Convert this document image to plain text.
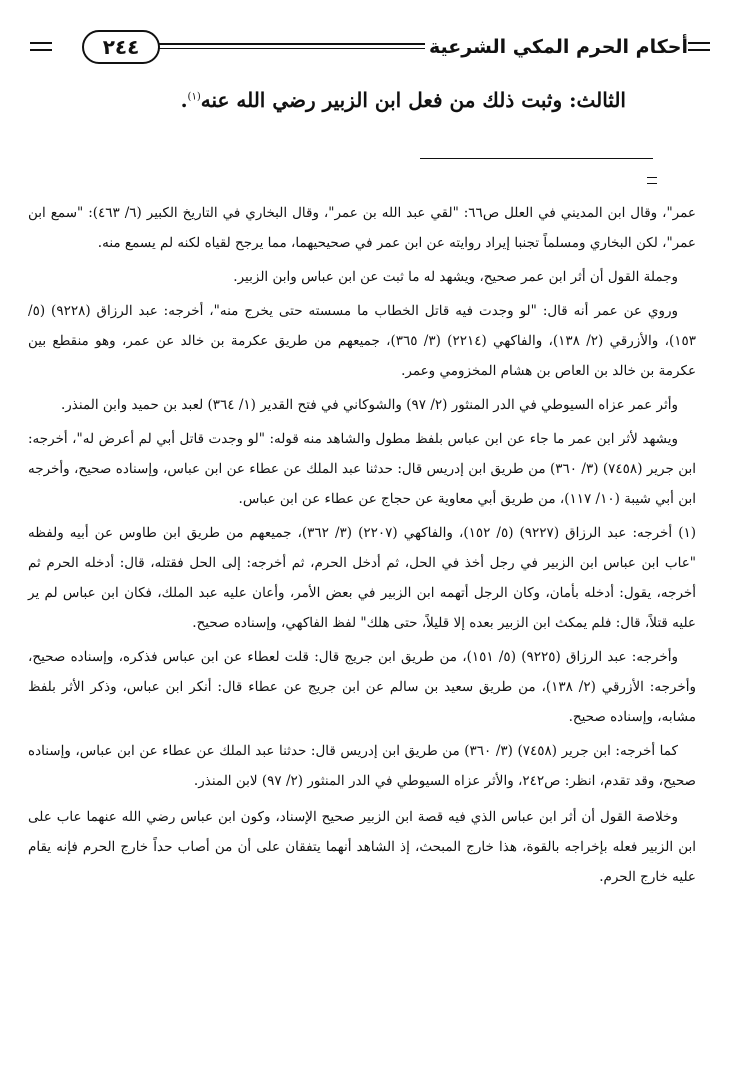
أحكام الحرم المكي الشرعية
٢٤٤
الثالث: وثبت ذلك من فعل ابن الزبير رضي الله عنه$^{(١)}$.

عمر"، وقال ابن المديني في العلل ص٦٦: "لقي عبد الله بن عمر"، وقال البخاري في التاريخ الكبير (٦/ ٤٦٣): "سمع ابن عمر"، لكن البخاري ومسلماً تجنبا إيراد روايته عن ابن عمر في صحيحيهما، مما يرجح لقياه لكنه لم يسمع منه.

وجملة القول أن أثر ابن عمر صحيح، ويشهد له ما ثبت عن ابن عباس وابن الزبير.

وروي عن عمر أنه قال: "لو وجدت فيه قاتل الخطاب ما مسسته حتى يخرج منه"، أخرجه: عبد الرزاق (٩٢٢٨) (٥/ ١٥٣)، والأزرقي (٢/ ١٣٨)، والفاكهي (٢٢١٤) (٣/ ٣٦٥)، جميعهم من طريق عكرمة بن خالد عن عمر، وهو منقطع بين عكرمة بن خالد بن العاص بن هشام المخزومي وعمر.

وأثر عمر عزاه السيوطي في الدر المنثور (٢/ ٩٧) والشوكاني في فتح القدير (١/ ٣٦٤) لعبد بن حميد وابن المنذر.

ويشهد لأثر ابن عمر ما جاء عن ابن عباس بلفظ مطول والشاهد منه قوله: "لو وجدت قاتل أبي لم أعرض له"، أخرجه: ابن جرير (٧٤٥٨) (٣/ ٣٦٠) من طريق ابن إدريس قال: حدثنا عبد الملك عن عطاء عن ابن عباس، وإسناده صحيح، وأخرجه ابن أبي شيبة (١٠/ ١١٧)، من طريق أبي معاوية عن حجاج عن عطاء عن ابن عباس.

(١) أخرجه: عبد الرزاق (٩٢٢٧) (٥/ ١٥٢)، والفاكهي (٢٢٠٧) (٣/ ٣٦٢)، جميعهم من طريق ابن طاوس عن أبيه ولفظه "عاب ابن عباس ابن الزبير في رجل أخذ في الحل، ثم أدخل الحرم، ثم أخرجه: إلى الحل فقتله، قال: أدخله الحرم ثم أخرجه، يقول: أدخله بأمان، وكان الرجل أتهمه ابن الزبير في بعض الأمر، وأعان عليه عبد الملك، فكان ابن عباس لم ير عليه قتلاً، قال: فلم يمكث ابن الزبير بعده إلا قليلاً، حتى هلك" لفظ الفاكهي، وإسناده صحيح.

وأخرجه: عبد الرزاق (٩٢٢٥) (٥/ ١٥١)، من طريق ابن جريج قال: قلت لعطاء عن ابن عباس فذكره، وإسناده صحيح، وأخرجه: الأزرقي (٢/ ١٣٨)، من طريق سعيد بن سالم عن ابن جريج عن عطاء قال: أنكر ابن عباس، وذكر الأثر بلفظ مشابه، وإسناده صحيح.

كما أخرجه: ابن جرير (٧٤٥٨) (٣/ ٣٦٠) من طريق ابن إدريس قال: حدثنا عبد الملك عن عطاء عن ابن عباس، وإسناده صحيح، وقد تقدم، انظر: ص٢٤٢، والأثر عزاه السيوطي في الدر المنثور (٢/ ٩٧) لابن المنذر.

وخلاصة القول أن أثر ابن عباس الذي فيه قصة ابن الزبير صحيح الإسناد، وكون ابن عباس رضي الله عنهما عاب على ابن الزبير فعله بإخراجه بالقوة، هذا خارج المبحث، إذ الشاهد أنهما يتفقان على أن من أصاب حداً خارج الحرم فإنه يقام عليه خارج الحرم.
